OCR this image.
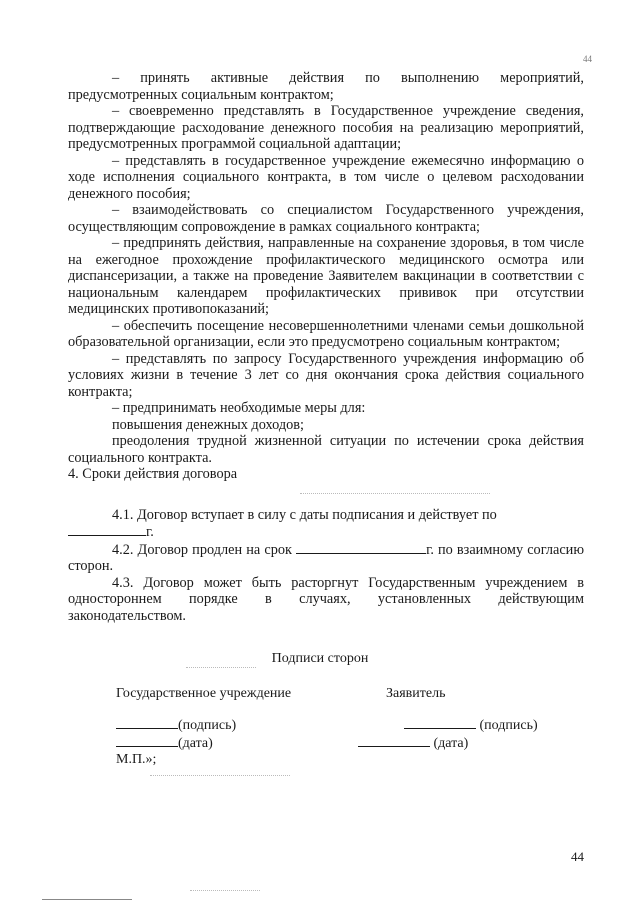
44

– принять активные действия по выполнению мероприятий, предусмотренных социальным контрактом;

– своевременно представлять в Государственное учреждение сведения, подтверждающие расходование денежного пособия на реализацию мероприятий, предусмотренных программой социальной адаптации;

– представлять в государственное учреждение ежемесячно информацию о ходе исполнения социального контракта, в том числе о целевом расходовании денежного пособия;

– взаимодействовать со специалистом Государственного учреждения, осуществляющим сопровождение в рамках социального контракта;

– предпринять действия, направленные на сохранение здоровья, в том числе на ежегодное прохождение профилактического медицинского осмотра или диспансеризации, а также на проведение Заявителем вакцинации в соответствии с национальным календарем профилактических прививок при отсутствии медицинских противопоказаний;

– обеспечить посещение несовершеннолетними членами семьи дошкольной образовательной организации, если это предусмотрено социальным контрактом;

– представлять по запросу Государственного учреждения информацию об условиях жизни в течение 3 лет со дня окончания срока действия социального контракта;

– предпринимать необходимые меры для:

повышения денежных доходов;

преодоления трудной жизненной ситуации по истечении срока действия социального контракта.

4. Сроки действия договора

4.1. Договор вступает в силу с даты подписания и действует по
г.

4.2. Договор продлен на срок	г. по взаимному согласию сторон.

4.3. Договор может быть расторгнут Государственным учреждением в одностороннем порядке в случаях, установленных действующим законодательством.

Подписи сторон
Государственное учреждение	Заявитель
(подпись)
(дата)
М.П.»;
(подпись)
(дата)
44
